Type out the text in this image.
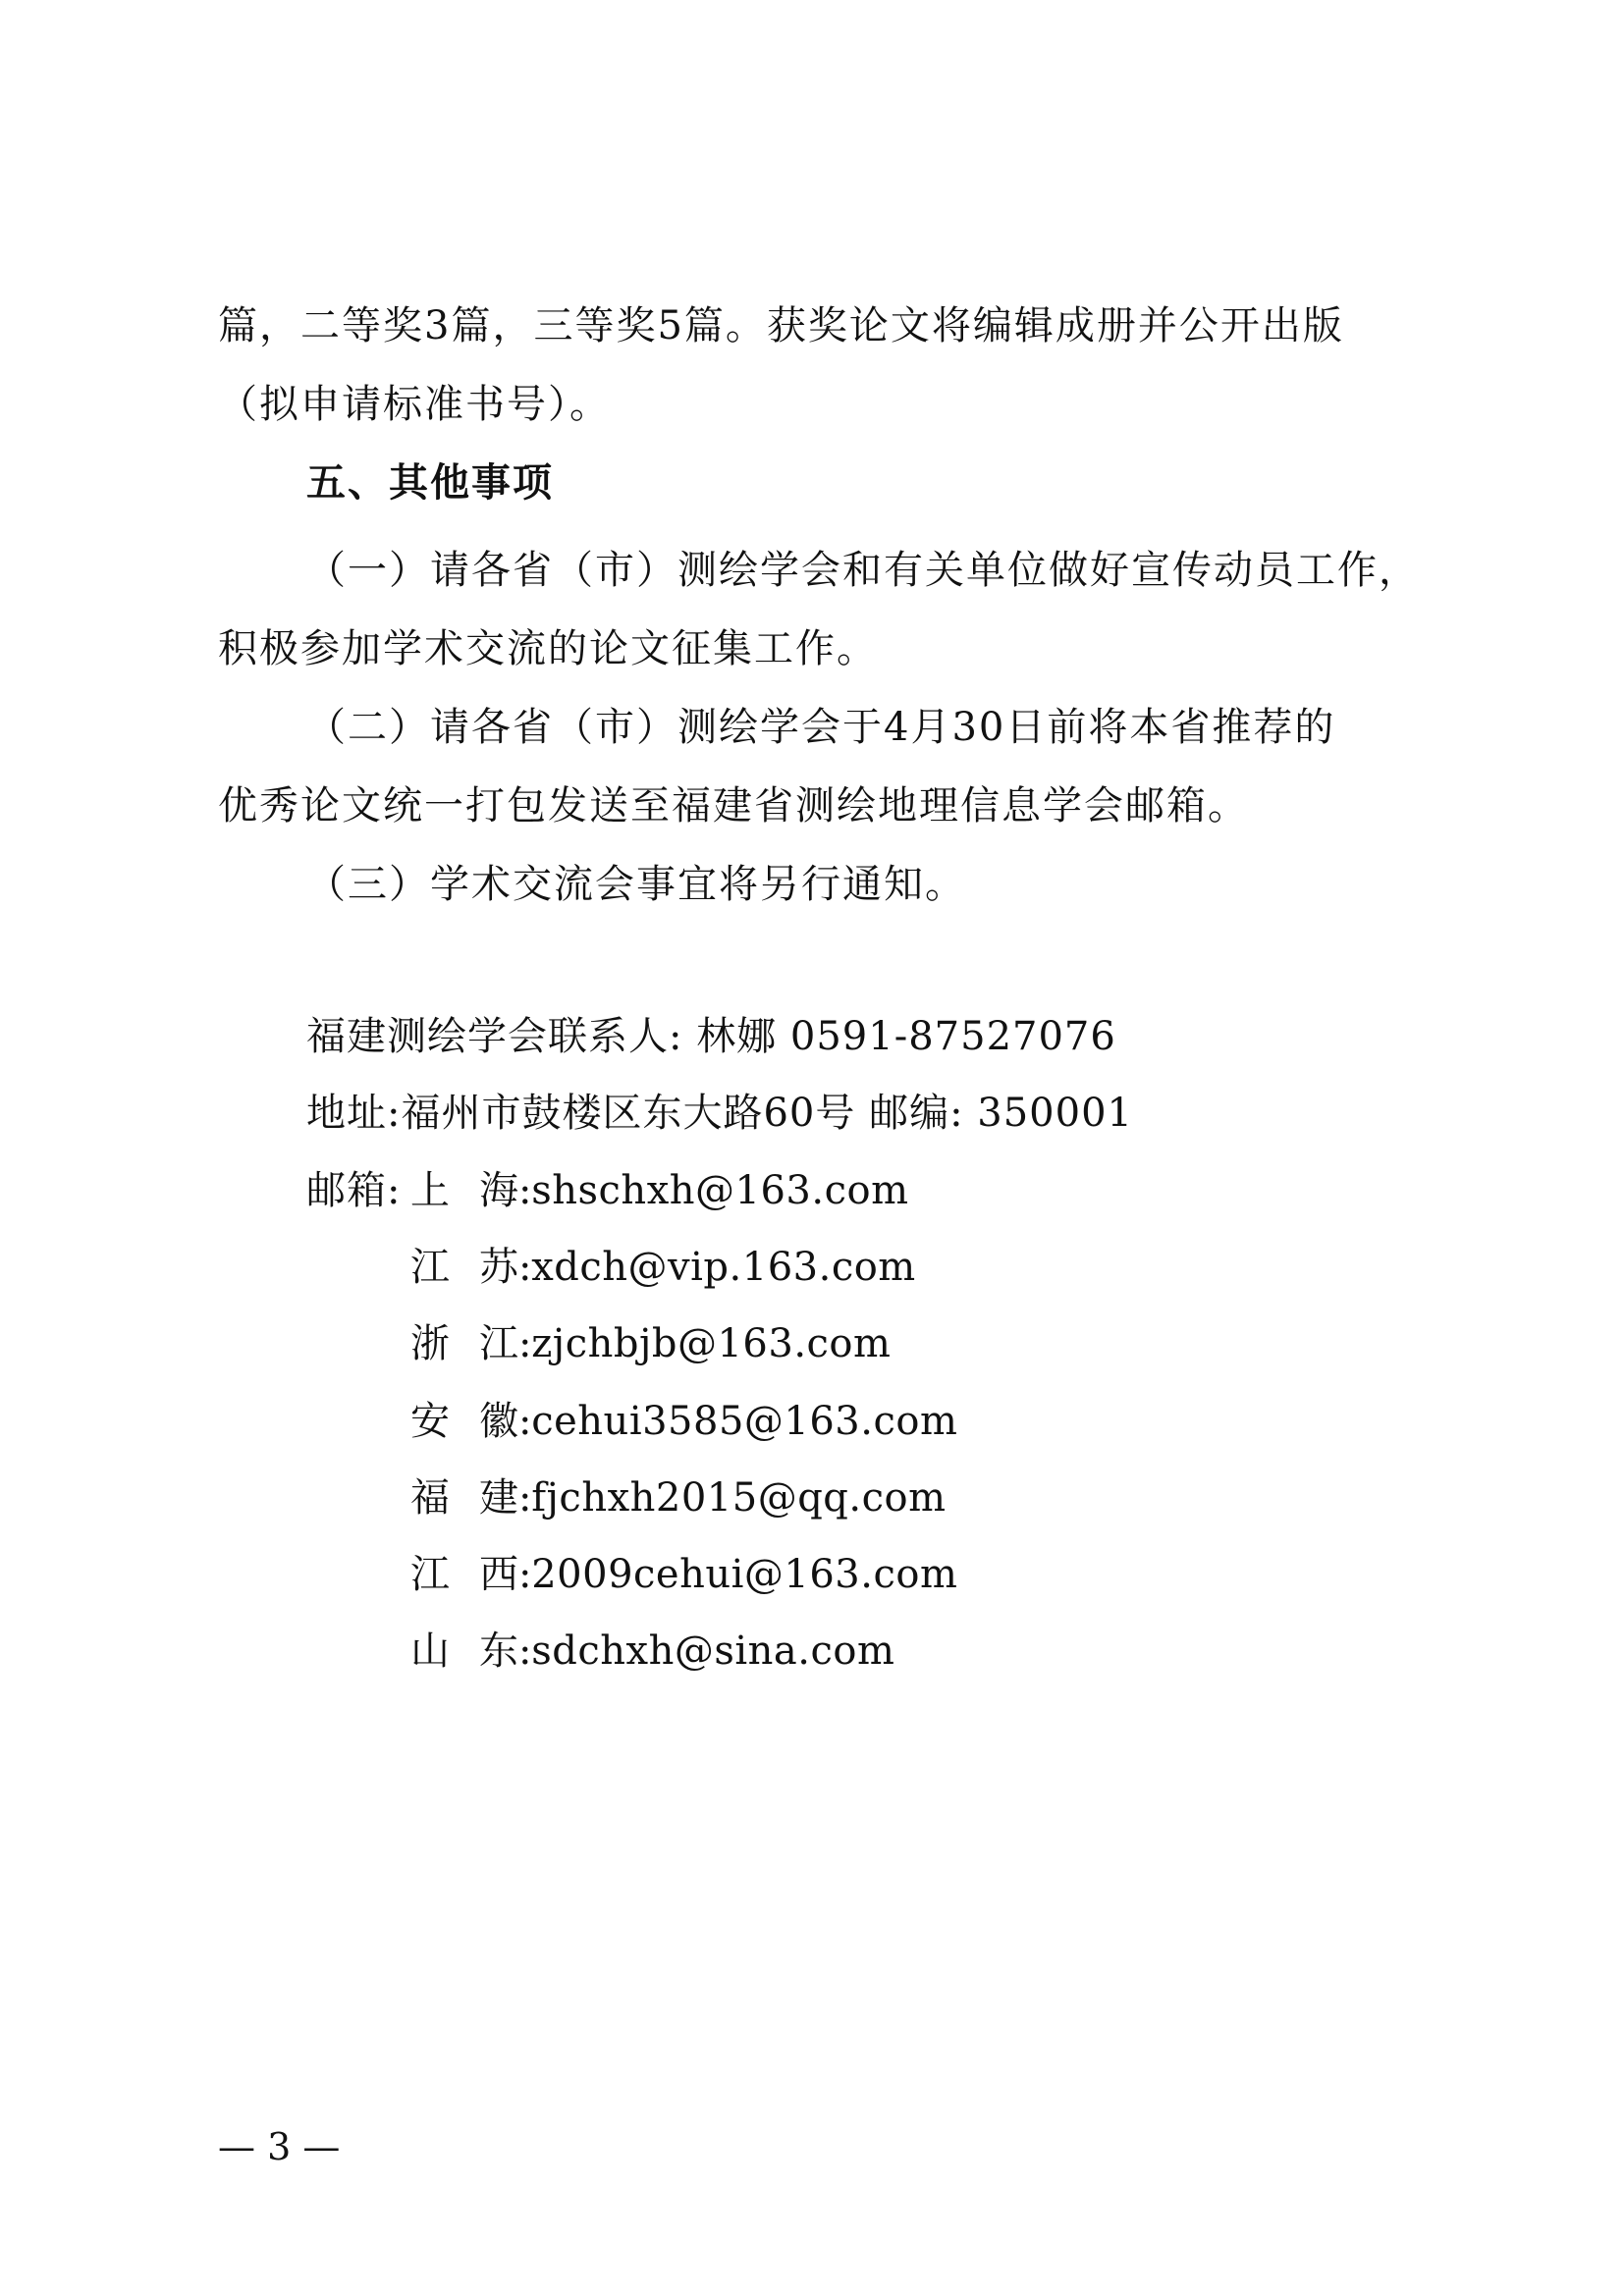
篇，二等奖3篇，三等奖5篇。获奖论文将编辑成册并公开出版
（拟申请标准书号）。
五、其他事项
（一）请各省（市）测绘学会和有关单位做好宣传动员工作，
积极参加学术交流的论文征集工作。
（二）请各省（市）测绘学会于4月30日前将本省推荐的
优秀论文统一打包发送至福建省测绘地理信息学会邮箱。
（三）学术交流会事宜将另行通知。
福建测绘学会联系人: 林娜 0591-87527076
地址:福州市鼓楼区东大路60号 邮编: 350001
邮箱: 上 海: shschxh@163.com
江 苏: xdch@vip.163.com
浙 江: zjchbjb@163.com
安 徽: cehui3585@163.com
福 建: fjchxh2015@qq.com
江 西: 2009cehui@163.com
山 东: sdchxh@sina.com
— 3 —
